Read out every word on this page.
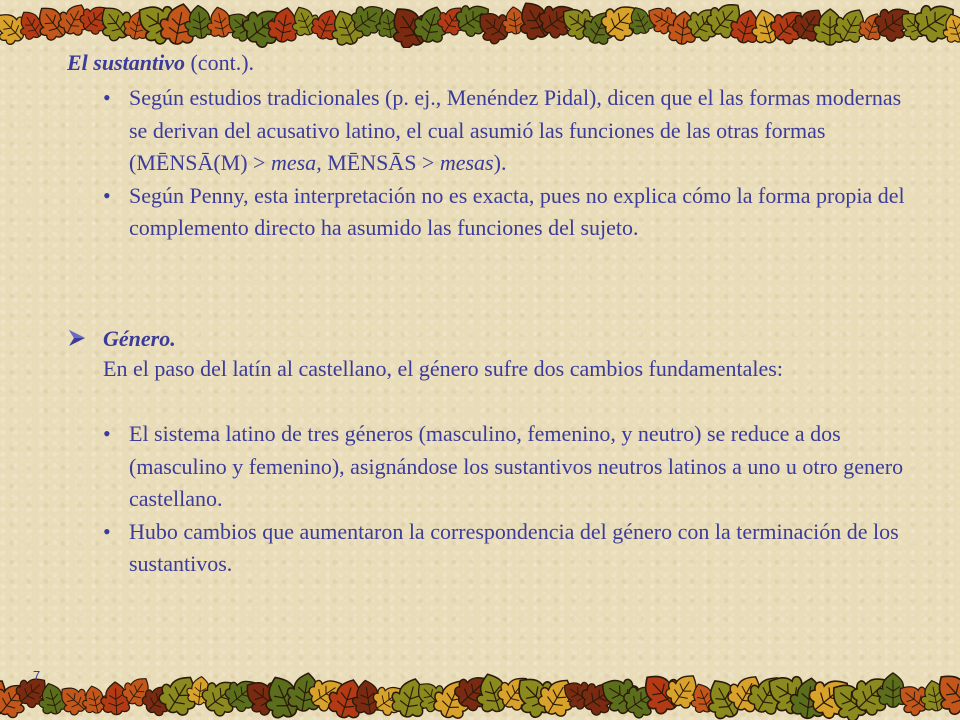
El sustantivo (cont.).
• Según estudios tradicionales (p. ej., Menéndez Pidal), dicen que el las formas modernas se derivan del acusativo latino, el cual asumió las funciones de las otras formas (MĒNSĀ(M) > mesa, MĒNSĀS > mesas).
• Según Penny, esta interpretación no es exacta, pues no explica cómo la forma propia del complemento directo ha asumido las funciones del sujeto.
Género.
En el paso del latín al castellano, el género sufre dos cambios fundamentales:
• El sistema latino de tres géneros (masculino, femenino, y neutro) se reduce a dos (masculino y femenino), asignándose los sustantivos neutros latinos a uno u otro genero castellano.
• Hubo cambios que aumentaron la correspondencia del género con la terminación de los sustantivos.
7
